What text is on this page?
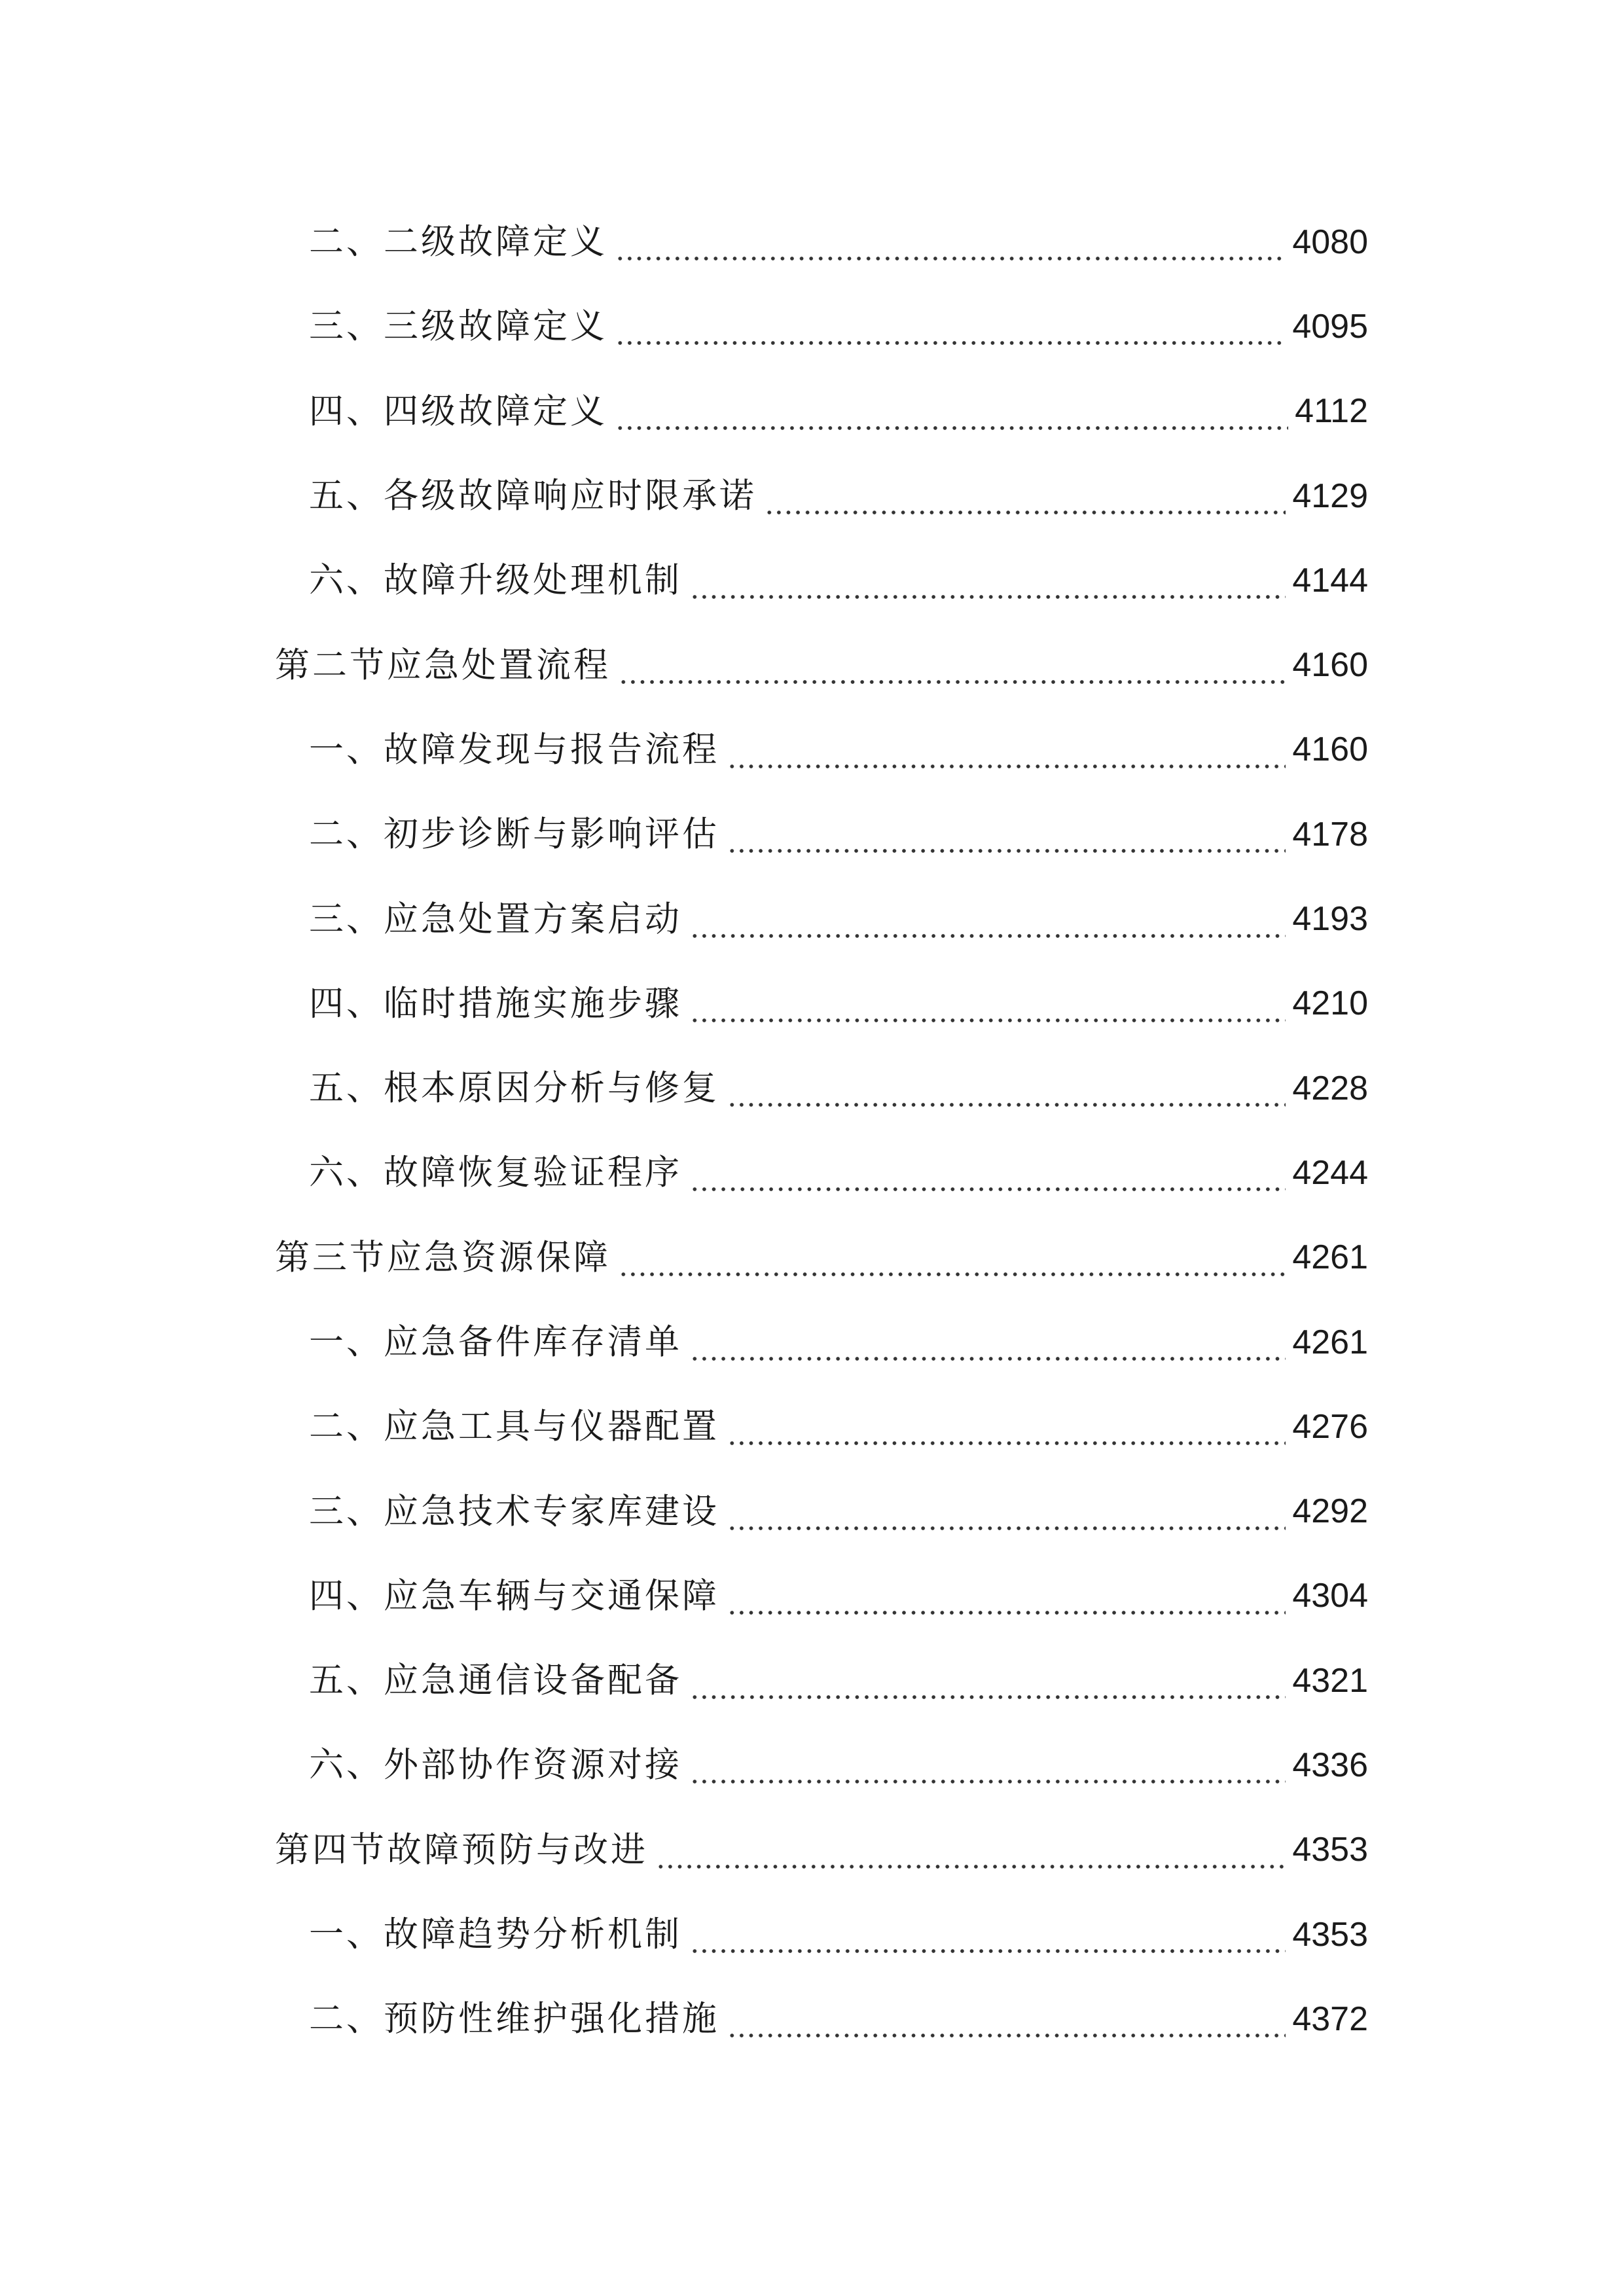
二、二级故障定义	4080
三、三级故障定义	4095
四、四级故障定义	4112
五、各级故障响应时限承诺	4129
六、故障升级处理机制	4144
第二节应急处置流程	4160
一、故障发现与报告流程	4160
二、初步诊断与影响评估	4178
三、应急处置方案启动	4193
四、临时措施实施步骤	4210
五、根本原因分析与修复	4228
六、故障恢复验证程序	4244
第三节应急资源保障	4261
一、应急备件库存清单	4261
二、应急工具与仪器配置	4276
三、应急技术专家库建设	4292
四、应急车辆与交通保障	4304
五、应急通信设备配备	4321
六、外部协作资源对接	4336
第四节故障预防与改进	4353
一、故障趋势分析机制	4353
二、预防性维护强化措施	4372
